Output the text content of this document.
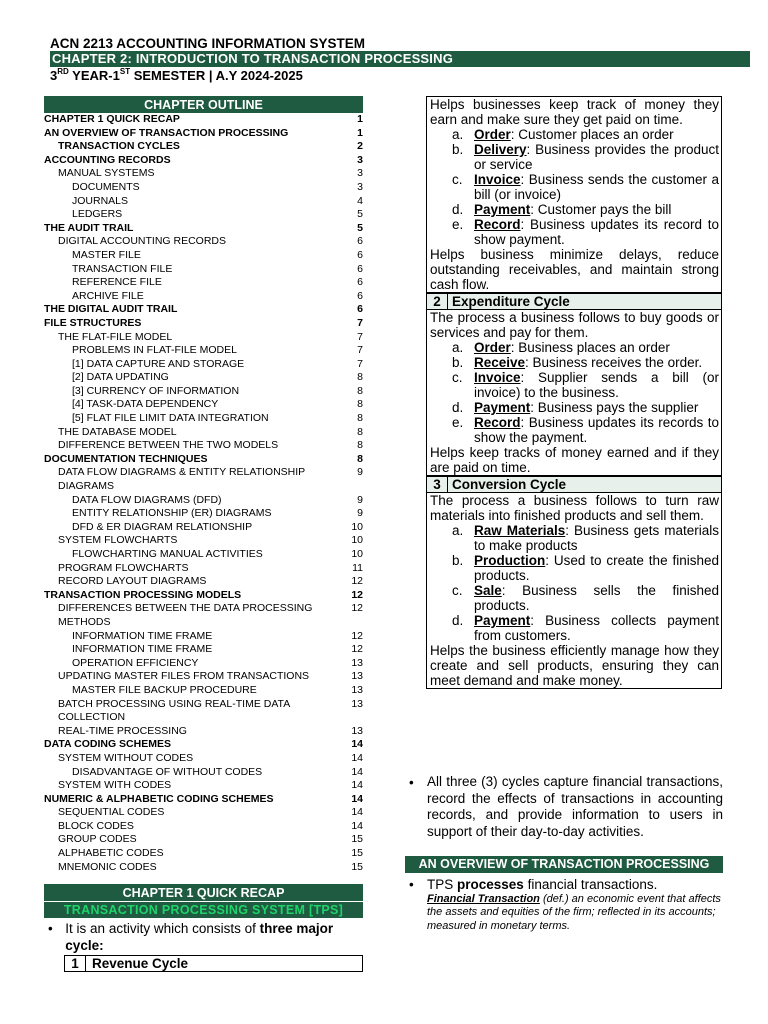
ACN 2213 ACCOUNTING INFORMATION SYSTEM
CHAPTER 2: INTRODUCTION TO TRANSACTION PROCESSING
3RD YEAR-1ST SEMESTER | A.Y 2024-2025
CHAPTER OUTLINE
CHAPTER 1 QUICK RECAP	1
AN OVERVIEW OF TRANSACTION PROCESSING	1
TRANSACTION CYCLES	2
ACCOUNTING RECORDS	3
MANUAL SYSTEMS	3
DOCUMENTS	3
JOURNALS	4
LEDGERS	5
THE AUDIT TRAIL	5
DIGITAL ACCOUNTING RECORDS	6
MASTER FILE	6
TRANSACTION FILE	6
REFERENCE FILE	6
ARCHIVE FILE	6
THE DIGITAL AUDIT TRAIL	6
FILE STRUCTURES	7
THE FLAT-FILE MODEL	7
PROBLEMS IN FLAT-FILE MODEL	7
[1] DATA CAPTURE AND STORAGE	7
[2] DATA UPDATING	8
[3] CURRENCY OF INFORMATION	8
[4] TASK-DATA DEPENDENCY	8
[5] FLAT FILE LIMIT DATA INTEGRATION	8
THE DATABASE MODEL	8
DIFFERENCE BETWEEN THE TWO MODELS	8
DOCUMENTATION TECHNIQUES	8
DATA FLOW DIAGRAMS & ENTITY RELATIONSHIP DIAGRAMS
9
DATA FLOW DIAGRAMS (DFD)	9
ENTITY RELATIONSHIP (ER) DIAGRAMS	9
DFD & ER DIAGRAM RELATIONSHIP	10
SYSTEM FLOWCHARTS	10
FLOWCHARTING MANUAL ACTIVITIES	10
PROGRAM FLOWCHARTS	11
RECORD LAYOUT DIAGRAMS	12
TRANSACTION PROCESSING MODELS	12
DIFFERENCES BETWEEN THE DATA PROCESSING METHODS
12
INFORMATION TIME FRAME	12
INFORMATION TIME FRAME	12
OPERATION EFFICIENCY	13
UPDATING MASTER FILES FROM TRANSACTIONS	13
MASTER FILE BACKUP PROCEDURE	13
BATCH PROCESSING USING REAL-TIME DATA COLLECTION
13
REAL-TIME PROCESSING	13
DATA CODING SCHEMES	14
SYSTEM WITHOUT CODES	14
DISADVANTAGE OF WITHOUT CODES	14
SYSTEM WITH CODES	14
NUMERIC & ALPHABETIC CODING SCHEMES	14
SEQUENTIAL CODES	14
BLOCK CODES	14
GROUP CODES	15
ALPHABETIC CODES	15
MNEMONIC CODES	15
CHAPTER 1 QUICK RECAP
TRANSACTION PROCESSING SYSTEM [TPS]
• It is an activity which consists of three major cycle:
1 Revenue Cycle
Helps businesses keep track of money they earn and make sure they get paid on time.
a. Order: Customer places an order
b. Delivery: Business provides the product or service
c. Invoice: Business sends the customer a bill (or invoice)
d. Payment: Customer pays the bill
e. Record: Business updates its record to show payment.
Helps business minimize delays, reduce outstanding receivables, and maintain strong cash flow.
2 Expenditure Cycle
The process a business follows to buy goods or services and pay for them.
a. Order: Business places an order
b. Receive: Business receives the order.
c. Invoice: Supplier sends a bill (or invoice) to the business.
d. Payment: Business pays the supplier
e. Record: Business updates its records to show the payment.
Helps keep tracks of money earned and if they are paid on time.
3 Conversion Cycle
The process a business follows to turn raw materials into finished products and sell them.
a. Raw Materials: Business gets materials to make products
b. Production: Used to create the finished products.
c. Sale: Business sells the finished products.
d. Payment: Business collects payment from customers.
Helps the business efficiently manage how they create and sell products, ensuring they can meet demand and make money.
• All three (3) cycles capture financial transactions, record the effects of transactions in accounting records, and provide information to users in support of their day-to-day activities.
AN OVERVIEW OF TRANSACTION PROCESSING
• TPS processes financial transactions.
Financial Transaction (def.) an economic event that affects the assets and equities of the firm; reflected in its accounts; measured in monetary terms.
